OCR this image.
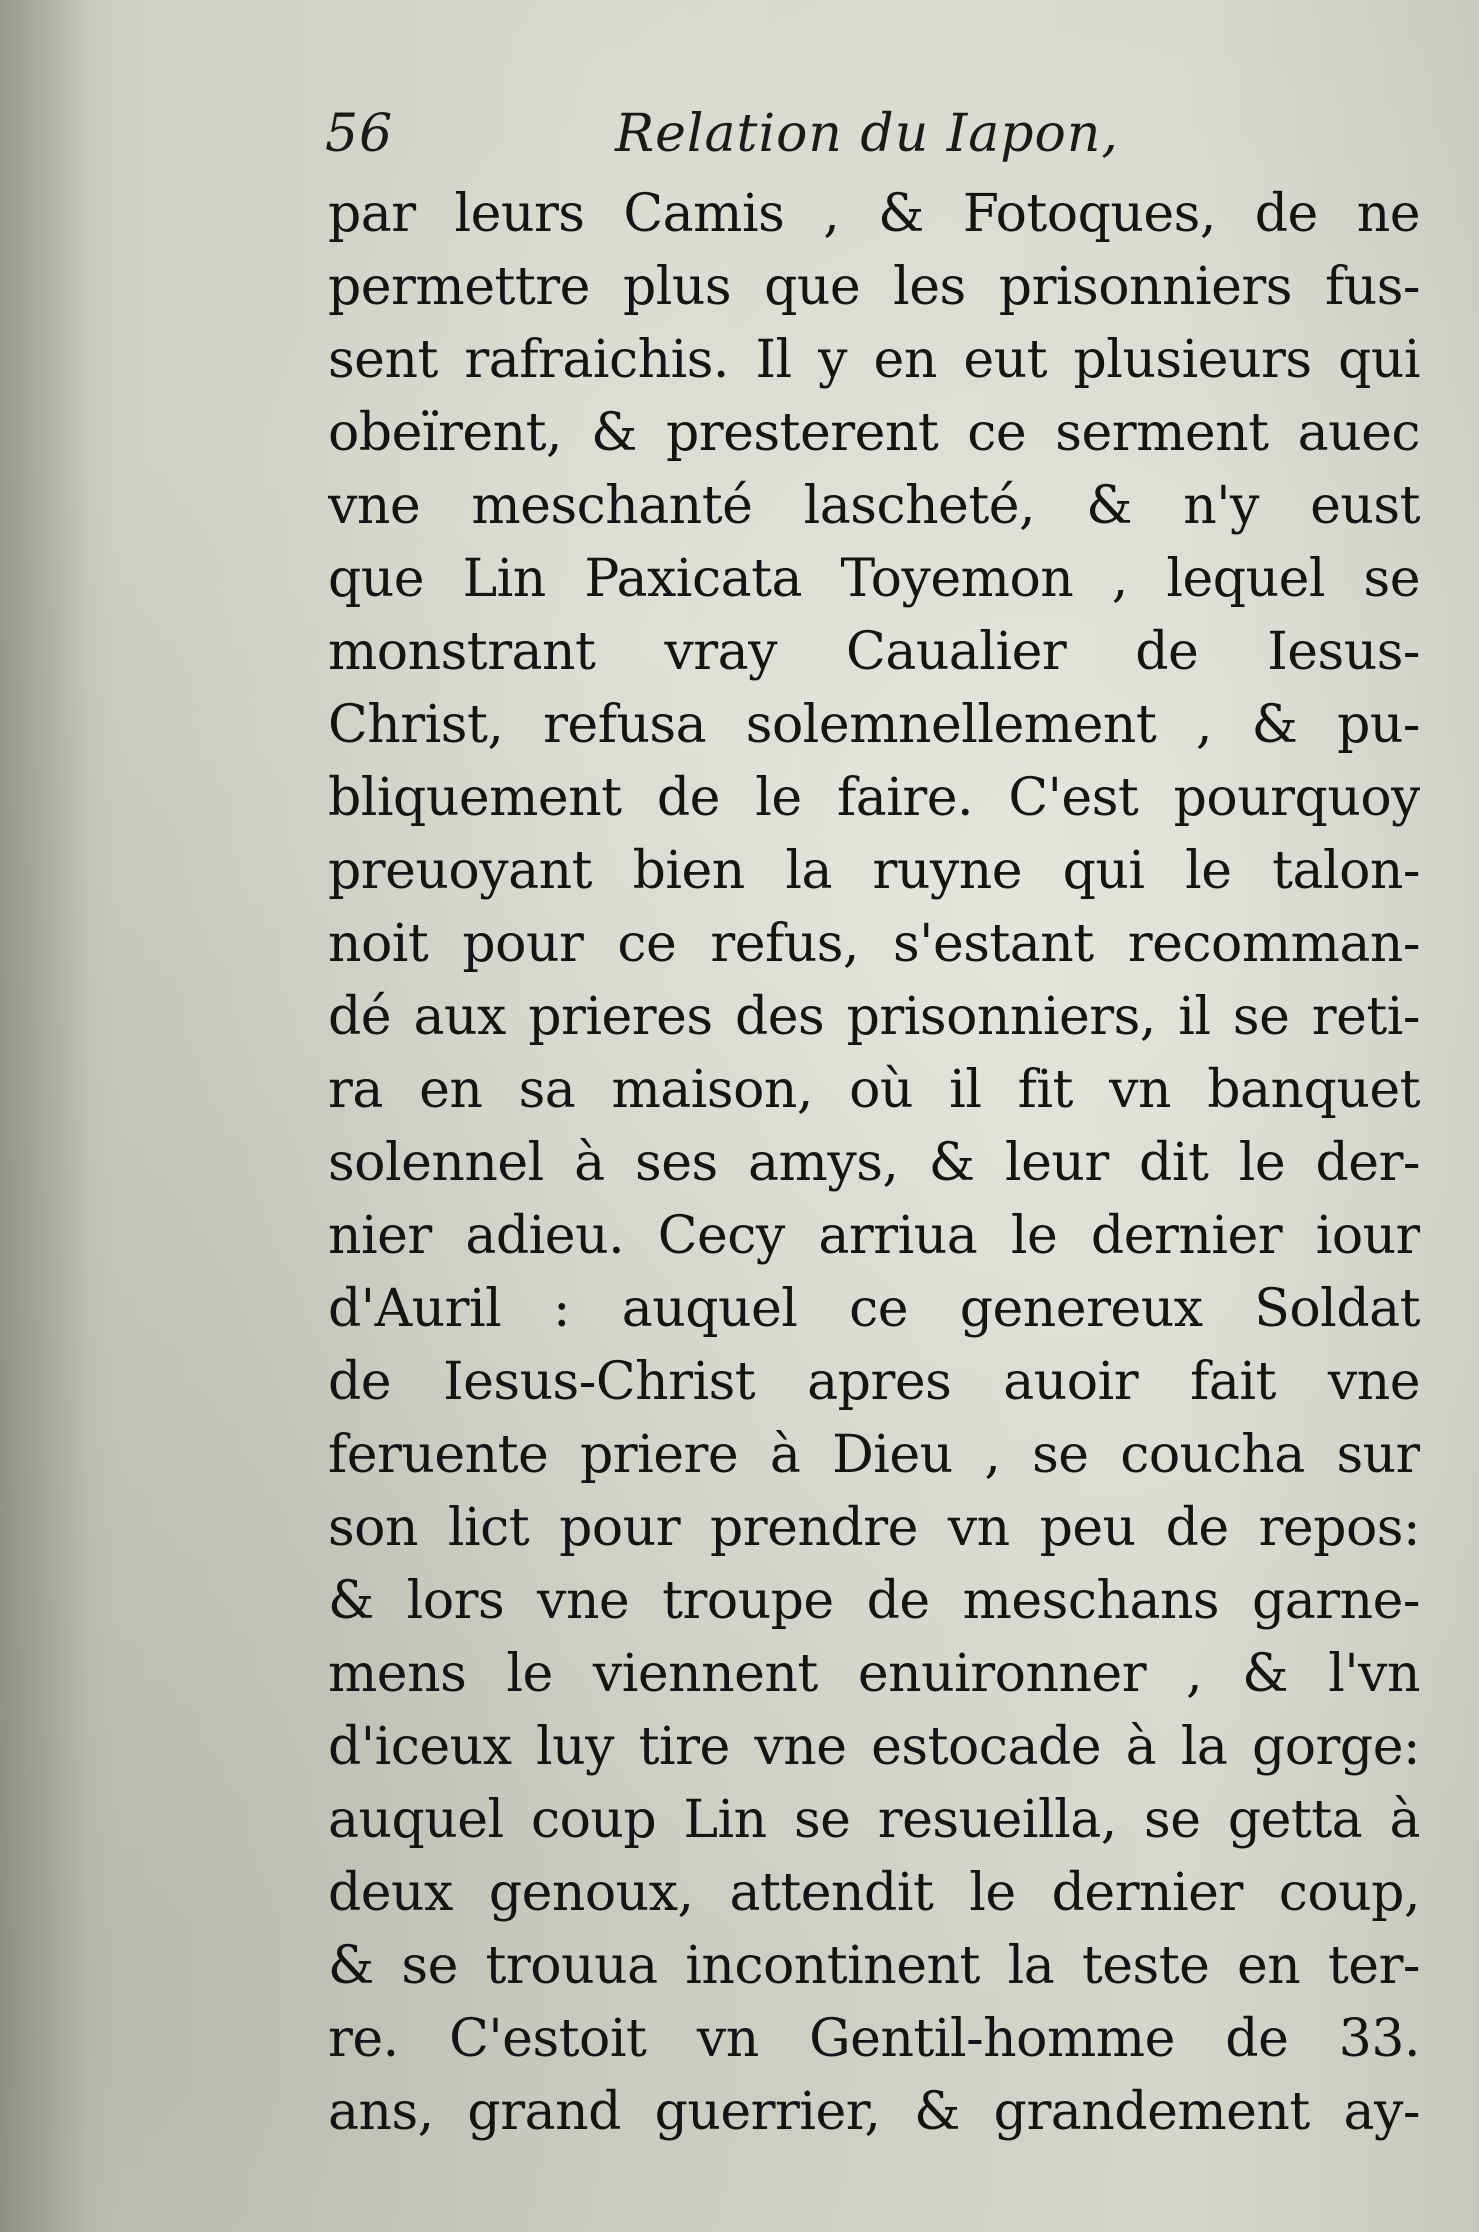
56	Relation du Iapon,
par leurs Camis , & Fotoques, de ne
permettre plus que les prisonniers fus-
sent rafraichis. Il y en eut plusieurs qui
obeïrent, & presterent ce serment auec
vne meschanté lascheté, & n'y eust
que Lin Paxicata Toyemon , lequel se
monstrant vray Caualier de Iesus-
Christ, refusa solemnellement , & pu-
bliquement de le faire. C'est pourquoy
preuoyant bien la ruyne qui le talon-
noit pour ce refus, s'estant recomman-
dé aux prieres des prisonniers, il se reti-
ra en sa maison, où il fit vn banquet
solennel à ses amys, & leur dit le der-
nier adieu. Cecy arriua le dernier iour
d'Auril : auquel ce genereux Soldat
de Iesus-Christ apres auoir fait vne
feruente priere à Dieu , se coucha sur
son lict pour prendre vn peu de repos:
& lors vne troupe de meschans garne-
mens le viennent enuironner , & l'vn
d'iceux luy tire vne estocade à la gorge:
auquel coup Lin se resueilla, se getta à
deux genoux, attendit le dernier coup,
& se trouua incontinent la teste en ter-
re. C'estoit vn Gentil-homme de 33.
ans, grand guerrier, & grandement ay-
